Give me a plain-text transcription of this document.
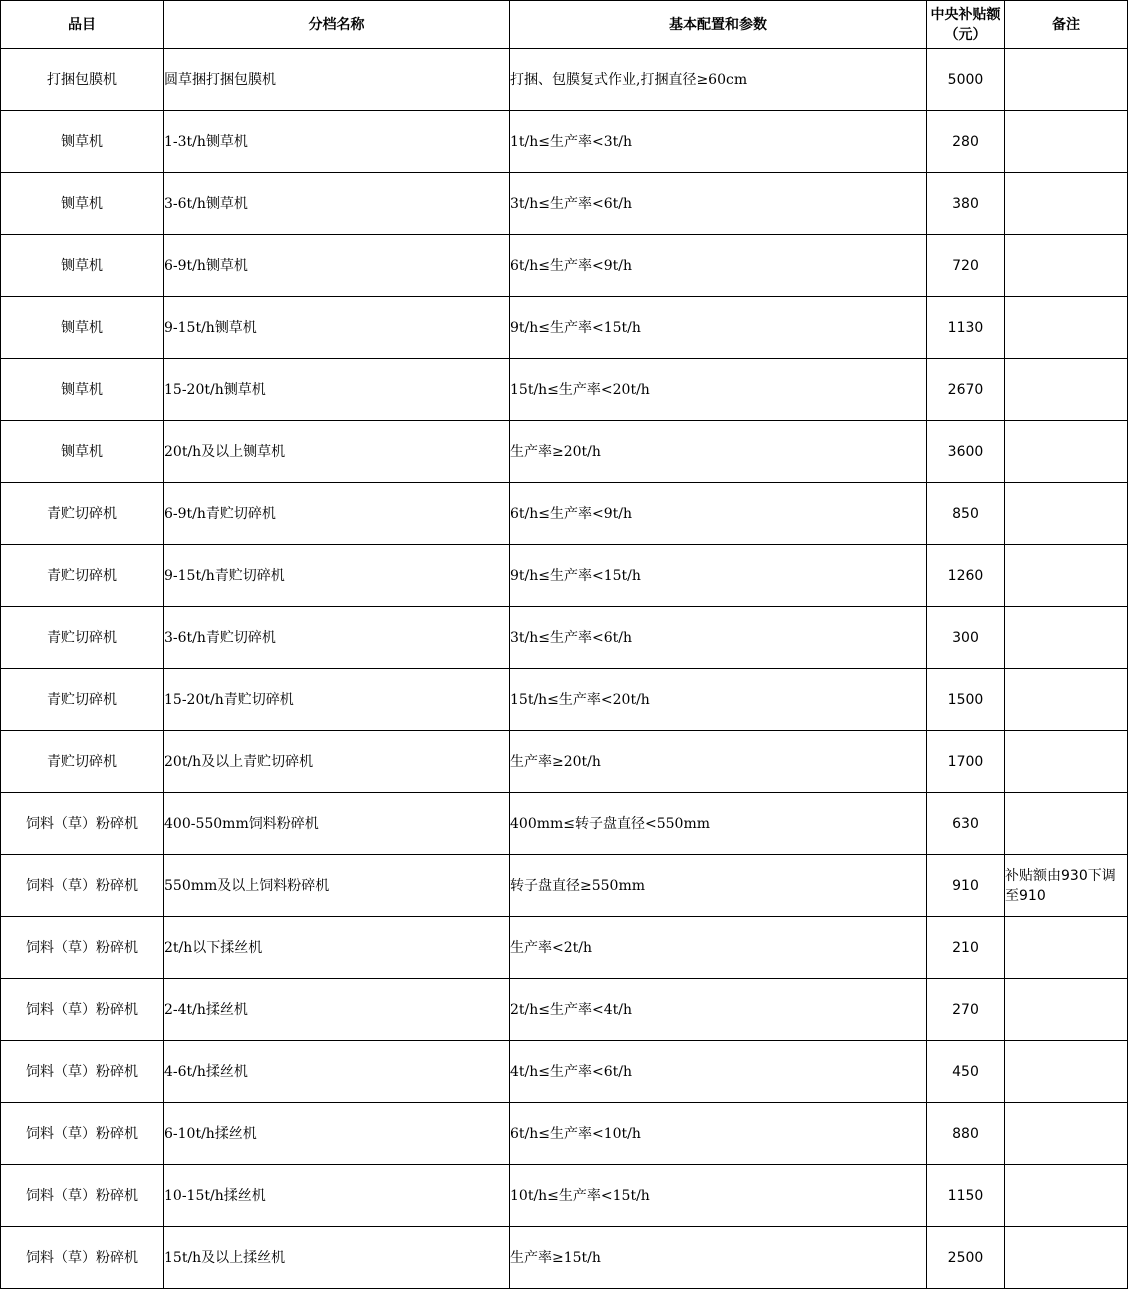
品目	分档名称	基本配置和参数	中央补贴额（元）	备注
打捆包膜机	圆草捆打捆包膜机	打捆、包膜复式作业,打捆直径≥60cm	5000	
铡草机	1-3t/h铡草机	1t/h≤生产率<3t/h	280	
铡草机	3-6t/h铡草机	3t/h≤生产率<6t/h	380	
铡草机	6-9t/h铡草机	6t/h≤生产率<9t/h	720	
铡草机	9-15t/h铡草机	9t/h≤生产率<15t/h	1130	
铡草机	15-20t/h铡草机	15t/h≤生产率<20t/h	2670	
铡草机	20t/h及以上铡草机	生产率≥20t/h	3600	
青贮切碎机	6-9t/h青贮切碎机	6t/h≤生产率<9t/h	850	
青贮切碎机	9-15t/h青贮切碎机	9t/h≤生产率<15t/h	1260	
青贮切碎机	3-6t/h青贮切碎机	3t/h≤生产率<6t/h	300	
青贮切碎机	15-20t/h青贮切碎机	15t/h≤生产率<20t/h	1500	
青贮切碎机	20t/h及以上青贮切碎机	生产率≥20t/h	1700	
饲料（草）粉碎机	400-550mm饲料粉碎机	400mm≤转子盘直径<550mm	630	
饲料（草）粉碎机	550mm及以上饲料粉碎机	转子盘直径≥550mm	910	补贴额由930下调至910
饲料（草）粉碎机	2t/h以下揉丝机	生产率<2t/h	210	
饲料（草）粉碎机	2-4t/h揉丝机	2t/h≤生产率<4t/h	270	
饲料（草）粉碎机	4-6t/h揉丝机	4t/h≤生产率<6t/h	450	
饲料（草）粉碎机	6-10t/h揉丝机	6t/h≤生产率<10t/h	880	
饲料（草）粉碎机	10-15t/h揉丝机	10t/h≤生产率<15t/h	1150	
饲料（草）粉碎机	15t/h及以上揉丝机	生产率≥15t/h	2500	
